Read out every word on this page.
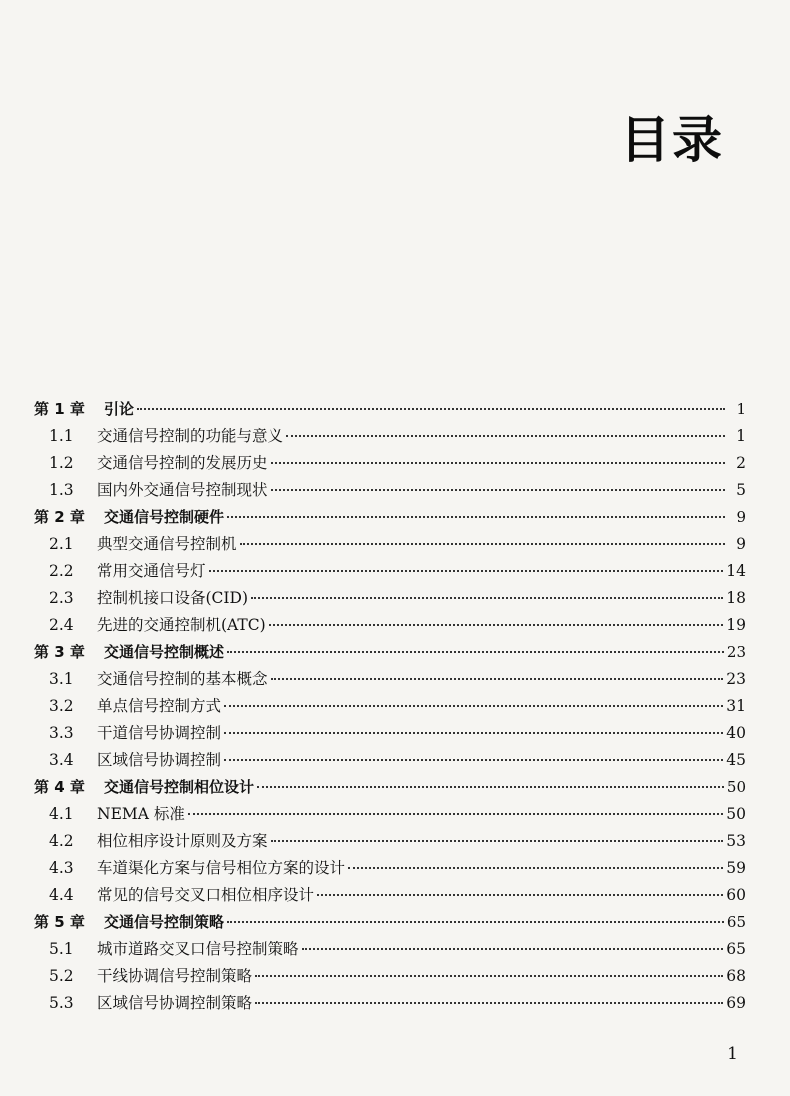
目录
第 1 章	引论	1
1.1	交通信号控制的功能与意义	1
1.2	交通信号控制的发展历史	2
1.3	国内外交通信号控制现状	5
第 2 章	交通信号控制硬件	9
2.1	典型交通信号控制机	9
2.2	常用交通信号灯	14
2.3	控制机接口设备(CID)	18
2.4	先进的交通控制机(ATC)	19
第 3 章	交通信号控制概述	23
3.1	交通信号控制的基本概念	23
3.2	单点信号控制方式	31
3.3	干道信号协调控制	40
3.4	区域信号协调控制	45
第 4 章	交通信号控制相位设计	50
4.1	NEMA 标准	50
4.2	相位相序设计原则及方案	53
4.3	车道渠化方案与信号相位方案的设计	59
4.4	常见的信号交叉口相位相序设计	60
第 5 章	交通信号控制策略	65
5.1	城市道路交叉口信号控制策略	65
5.2	干线协调信号控制策略	68
5.3	区域信号协调控制策略	69

1
